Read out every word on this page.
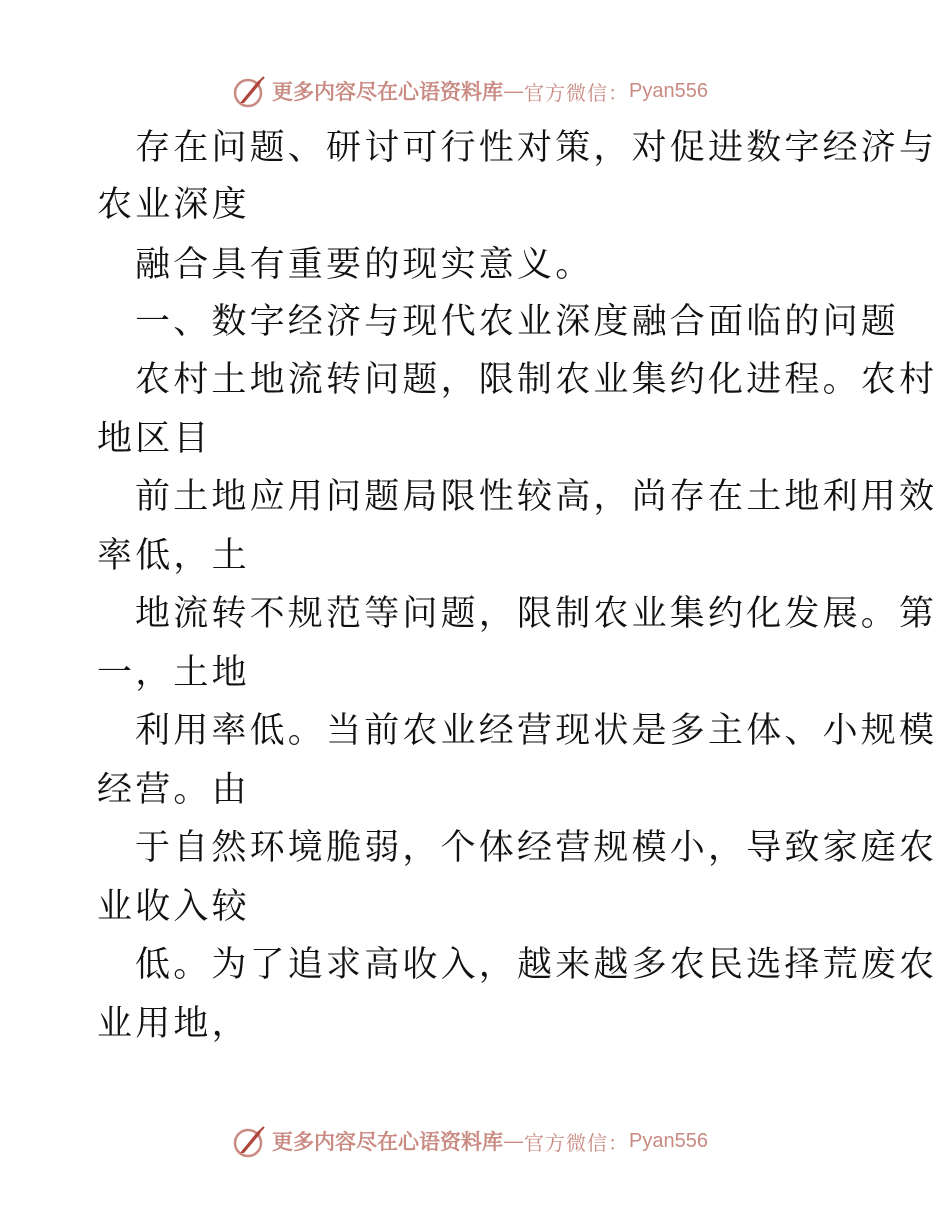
更多内容尽在心语资料库 — 官方微信： Pyan556
存在问题、研讨可行性对策，对促进数字经济与
农业深度
融合具有重要的现实意义。
一、数字经济与现代农业深度融合面临的问题
农村土地流转问题，限制农业集约化进程。农村
地区目
前土地应用问题局限性较高，尚存在土地利用效
率低，土
地流转不规范等问题，限制农业集约化发展。第
一，土地
利用率低。当前农业经营现状是多主体、小规模
经营。由
于自然环境脆弱，个体经营规模小，导致家庭农
业收入较
低。为了追求高收入，越来越多农民选择荒废农
业用地，
更多内容尽在心语资料库 — 官方微信： Pyan556
